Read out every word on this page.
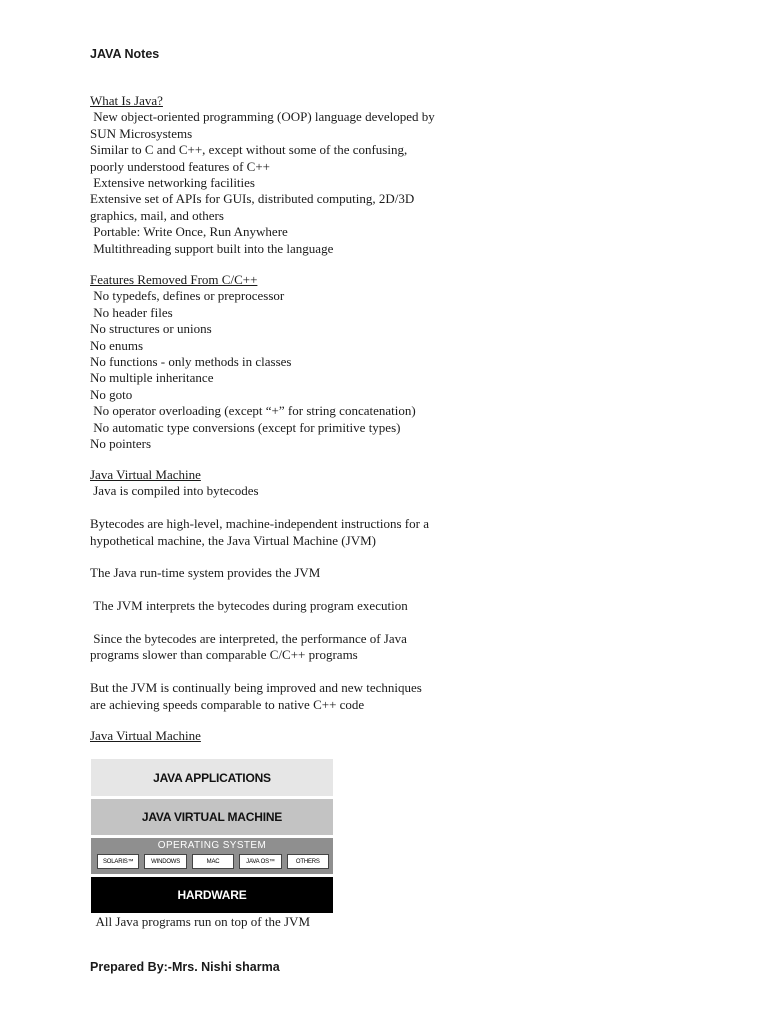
JAVA Notes

What Is Java?

New object-oriented programming (OOP) language developed by

SUN Microsystems

Similar to C and C++, except without some of the confusing,

poorly understood features of C++

Extensive networking facilities

Extensive set of APIs for GUIs, distributed computing, 2D/3D

graphics, mail, and others

Portable: Write Once, Run Anywhere

Multithreading support built into the language

Features Removed From C/C++

No typedefs, defines or preprocessor

No header files

No structures or unions

No enums

No functions - only methods in classes

No multiple inheritance

No goto

No operator overloading (except “+” for string concatenation)

No automatic type conversions (except for primitive types)

No pointers

Java Virtual Machine

Java is compiled into bytecodes

Bytecodes are high-level, machine-independent instructions for a

hypothetical machine, the Java Virtual Machine (JVM)

The Java run-time system provides the JVM

The JVM interprets the bytecodes during program execution

Since the bytecodes are interpreted, the performance of Java

programs slower than comparable C/C++ programs

But the JVM is continually being improved and new techniques

are achieving speeds comparable to native C++ code

Java Virtual Machine

JAVA APPLICATIONS
JAVA VIRTUAL MACHINE
OPERATING SYSTEM
SOLARIS™	WINDOWS	MAC	JAVA OS™	OTHERS
HARDWARE
All Java programs run on top of the JVM
Prepared By:-Mrs. Nishi sharma
